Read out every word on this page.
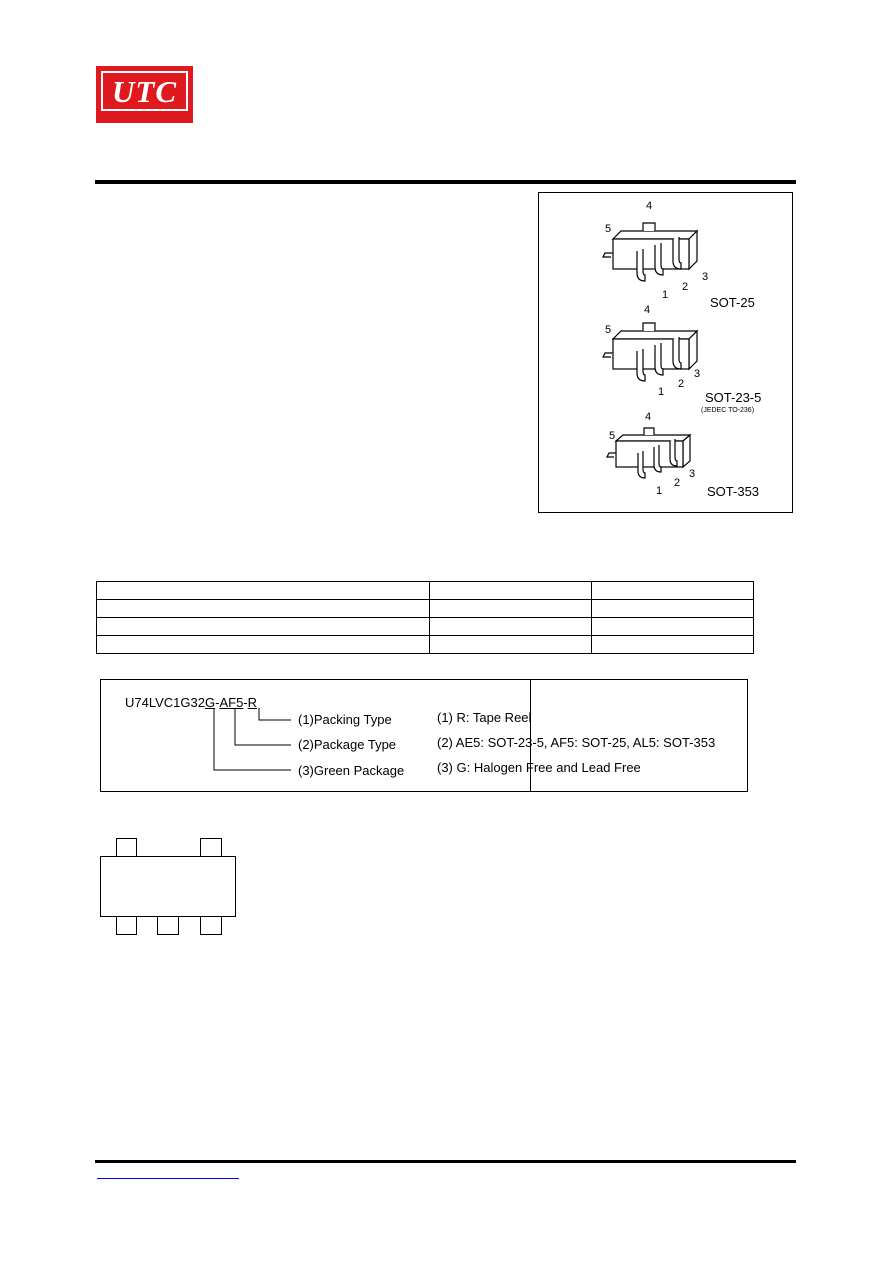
UTC
4
5
1
2
3
SOT-25
4
5
1
2
3
SOT-23-5
(JEDEC TO-236)
4
5
1
2
3
SOT-353

U74LVC1G32G-AF5-R
(1)Packing Type
(2)Package Type
(3)Green Package
(1) R: Tape Reel
(2) AE5: SOT-23-5, AF5: SOT-25, AL5: SOT-353
(3) G: Halogen Free and Lead Free
